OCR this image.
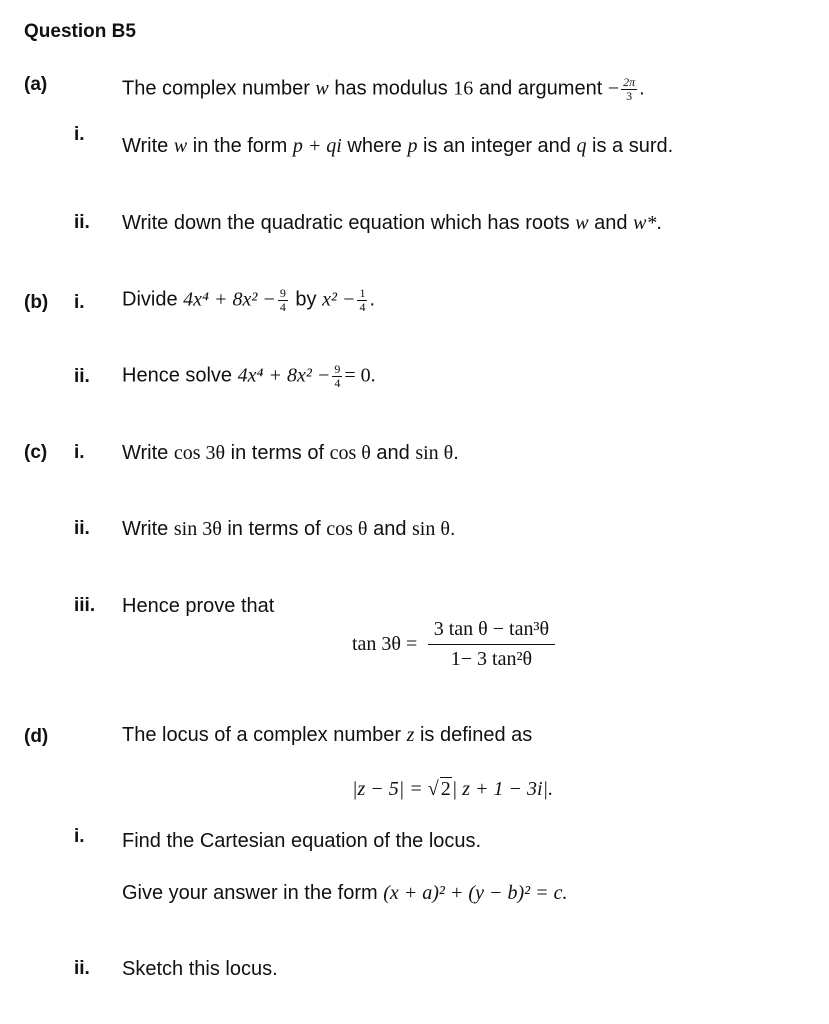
Question B5
(a)	The complex number w has modulus 16 and argument − $\frac{2\pi}{3}$ .
i.
Write w in the form p + qi where p is an integer and q is a surd.
ii. Write down the quadratic equation which has roots w and w*.
(b) i. Divide $4x^4 + 8x^2 - \frac{9}{4}$ by $x^2 - \frac{1}{4}$ .
ii. Hence solve $4x^4 + 8x^2 - \frac{9}{4} = 0$.
(c) i. Write cos 3θ in terms of cos θ and sin θ.
ii. Write sin 3θ in terms of cos θ and sin θ.
iii. Hence prove that
$\tan 3\theta = \frac{\text{3 tan θ − tan³θ}}{\text{1− 3 tan²θ}}$
(d)	The locus of a complex number z is defined as
|z − 5| = √ 2| z + 1 − 3i|.
i. Find the Cartesian equation of the locus.
Give your answer in the form (x + a)² + (y − b)² = c.
ii. Sketch this locus.
